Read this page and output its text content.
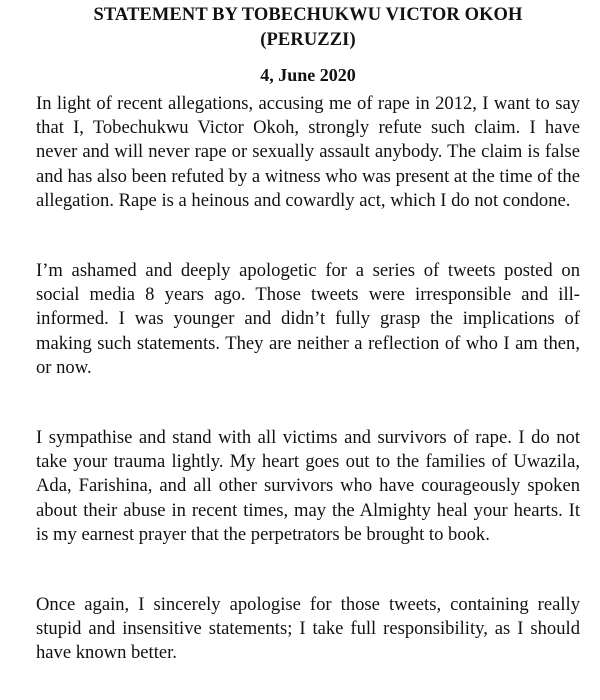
STATEMENT BY TOBECHUKWU VICTOR OKOH
(PERUZZI)
4, June 2020

In light of recent allegations, accusing me of rape in 2012, I want to say that I, Tobechukwu Victor Okoh, strongly refute such claim. I have never and will never rape or sexually assault anybody. The claim is false and has also been refuted by a witness who was present at the time of the allegation. Rape is a heinous and cowardly act, which I do not condone.

I’m ashamed and deeply apologetic for a series of tweets posted on social media 8 years ago. Those tweets were irresponsible and ill-informed. I was younger and didn’t fully grasp the implications of making such statements. They are neither a reflection of who I am then, or now.

I sympathise and stand with all victims and survivors of rape. I do not take your trauma lightly. My heart goes out to the families of Uwazila, Ada, Farishina, and all other survivors who have courageously spoken about their abuse in recent times, may the Almighty heal your hearts. It is my earnest prayer that the perpetrators be brought to book.

Once again, I sincerely apologise for those tweets, containing really stupid and insensitive statements; I take full responsibility, as I should have known better.
